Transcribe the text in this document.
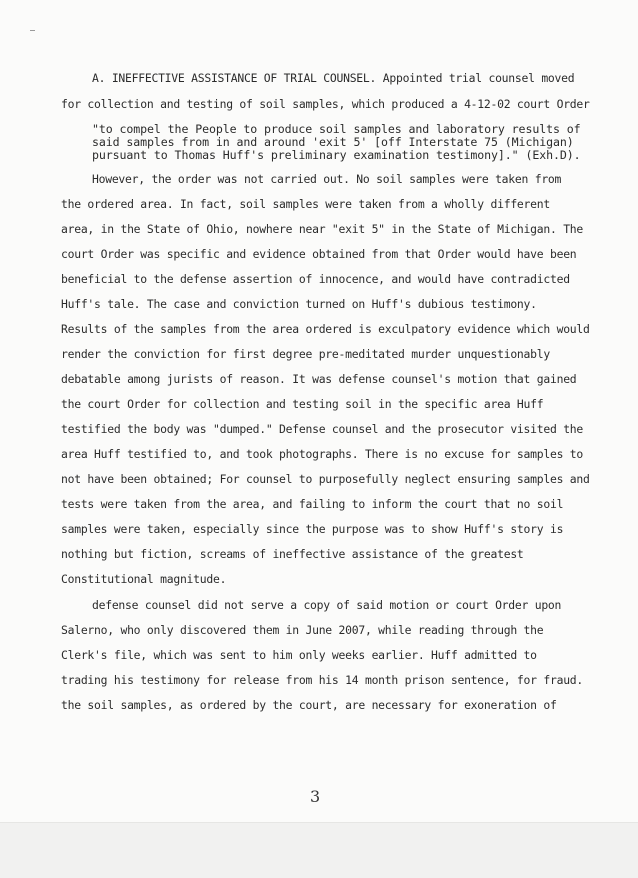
A. INEFFECTIVE ASSISTANCE OF TRIAL COUNSEL. Appointed trial counsel moved
for collection and testing of soil samples, which produced a 4-12-02 court Order
"to compel the People to produce soil samples and laboratory results of
said samples from in and around 'exit 5' [off Interstate 75 (Michigan)
pursuant to Thomas Huff's preliminary examination testimony]." (Exh.D).
However, the order was not carried out. No soil samples were taken from
the ordered area. In fact, soil samples were taken from a wholly different
area, in the State of Ohio, nowhere near "exit 5" in the State of Michigan. The
court Order was specific and evidence obtained from that Order would have been
beneficial to the defense assertion of innocence, and would have contradicted
Huff's tale. The case and conviction turned on Huff's dubious testimony.
Results of the samples from the area ordered is exculpatory evidence which would
render the conviction for first degree pre-meditated murder unquestionably
debatable among jurists of reason. It was defense counsel's motion that gained
the court Order for collection and testing soil in the specific area Huff
testified the body was "dumped." Defense counsel and the prosecutor visited the
area Huff testified to, and took photographs. There is no excuse for samples to
not have been obtained; For counsel to purposefully neglect ensuring samples and
tests were taken from the area, and failing to inform the court that no soil
samples were taken, especially since the purpose was to show Huff's story is
nothing but fiction, screams of ineffective assistance of the greatest
Constitutional magnitude.
defense counsel did not serve a copy of said motion or court Order upon
Salerno, who only discovered them in June 2007, while reading through the
Clerk's file, which was sent to him only weeks earlier. Huff admitted to
trading his testimony for release from his 14 month prison sentence, for fraud.
the soil samples, as ordered by the court, are necessary for exoneration of
3
